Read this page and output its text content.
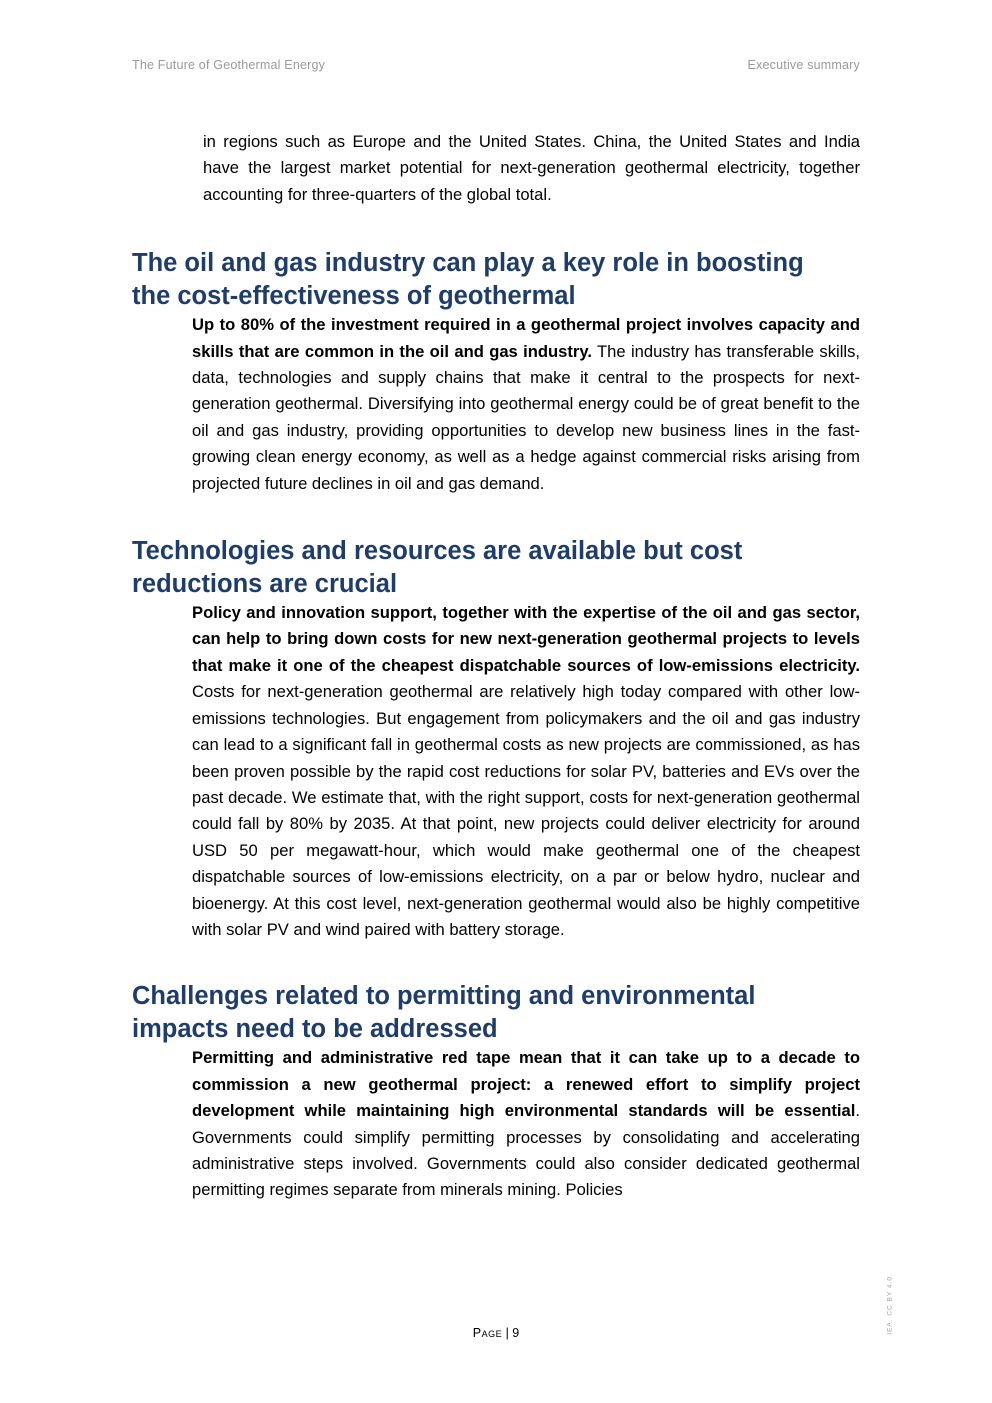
The Future of Geothermal Energy	Executive summary

in regions such as Europe and the United States. China, the United States and India have the largest market potential for next-generation geothermal electricity, together accounting for three-quarters of the global total.

The oil and gas industry can play a key role in boosting
the cost-effectiveness of geothermal

Up to 80% of the investment required in a geothermal project involves capacity and skills that are common in the oil and gas industry. The industry has transferable skills, data, technologies and supply chains that make it central to the prospects for next-generation geothermal. Diversifying into geothermal energy could be of great benefit to the oil and gas industry, providing opportunities to develop new business lines in the fast-growing clean energy economy, as well as a hedge against commercial risks arising from projected future declines in oil and gas demand.

Technologies and resources are available but cost
reductions are crucial

Policy and innovation support, together with the expertise of the oil and gas sector, can help to bring down costs for new next-generation geothermal projects to levels that make it one of the cheapest dispatchable sources of low-emissions electricity. Costs for next-generation geothermal are relatively high today compared with other low-emissions technologies. But engagement from policymakers and the oil and gas industry can lead to a significant fall in geothermal costs as new projects are commissioned, as has been proven possible by the rapid cost reductions for solar PV, batteries and EVs over the past decade. We estimate that, with the right support, costs for next-generation geothermal could fall by 80% by 2035. At that point, new projects could deliver electricity for around USD 50 per megawatt-hour, which would make geothermal one of the cheapest dispatchable sources of low-emissions electricity, on a par or below hydro, nuclear and bioenergy. At this cost level, next-generation geothermal would also be highly competitive with solar PV and wind paired with battery storage.

Challenges related to permitting and environmental
impacts need to be addressed

Permitting and administrative red tape mean that it can take up to a decade to commission a new geothermal project: a renewed effort to simplify project development while maintaining high environmental standards will be essential. Governments could simplify permitting processes by consolidating and accelerating administrative steps involved. Governments could also consider dedicated geothermal permitting regimes separate from minerals mining. Policies

Page | 9	IEA. CC BY 4.0.
